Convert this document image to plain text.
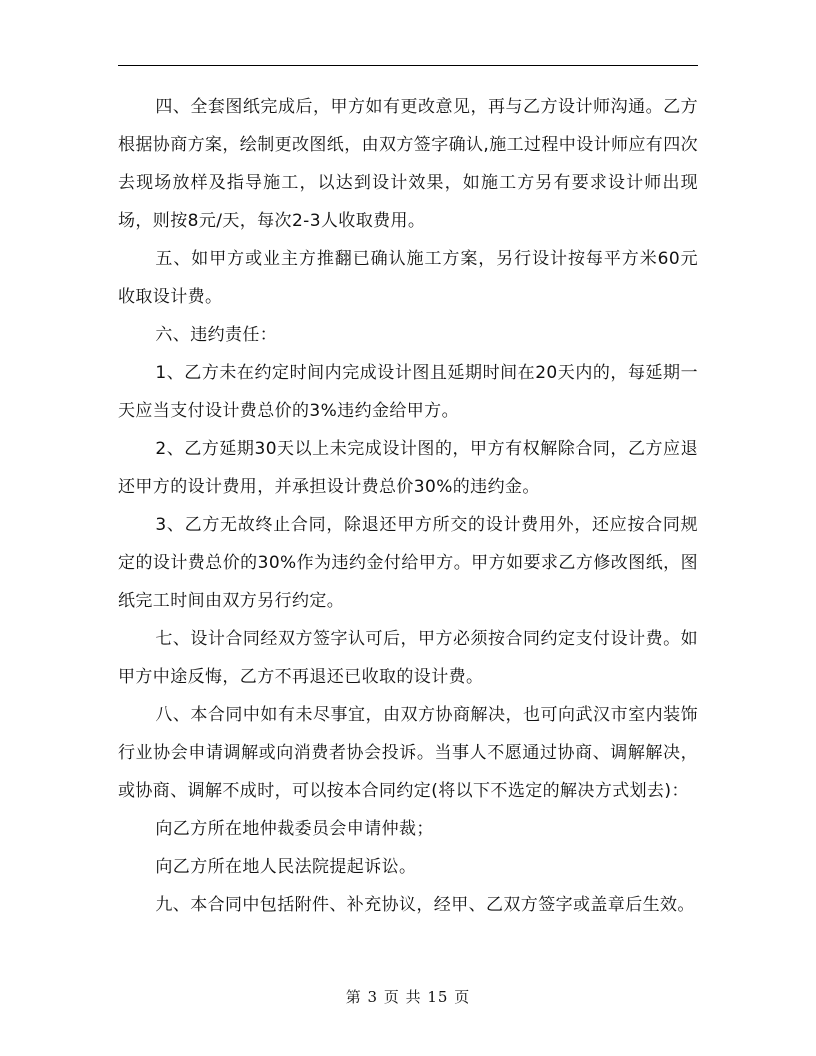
四、全套图纸完成后，甲方如有更改意见，再与乙方设计师沟通。乙方根据协商方案，绘制更改图纸，由双方签字确认,施工过程中设计师应有四次去现场放样及指导施工，以达到设计效果，如施工方另有要求设计师出现场，则按8元/天，每次2-3人收取费用。

五、如甲方或业主方推翻已确认施工方案，另行设计按每平方米60元收取设计费。

六、违约责任：

1、乙方未在约定时间内完成设计图且延期时间在20天内的，每延期一天应当支付设计费总价的3%违约金给甲方。

2、乙方延期30天以上未完成设计图的，甲方有权解除合同，乙方应退还甲方的设计费用，并承担设计费总价30%的违约金。

3、乙方无故终止合同，除退还甲方所交的设计费用外，还应按合同规定的设计费总价的30%作为违约金付给甲方。甲方如要求乙方修改图纸，图纸完工时间由双方另行约定。

七、设计合同经双方签字认可后，甲方必须按合同约定支付设计费。如甲方中途反悔，乙方不再退还已收取的设计费。

八、本合同中如有未尽事宜，由双方协商解决，也可向武汉市室内装饰行业协会申请调解或向消费者协会投诉。当事人不愿通过协商、调解解决，或协商、调解不成时，可以按本合同约定(将以下不选定的解决方式划去)：

向乙方所在地仲裁委员会申请仲裁；

向乙方所在地人民法院提起诉讼。

九、本合同中包括附件、补充协议，经甲、乙双方签字或盖章后生效。

第 3 页 共 15 页
